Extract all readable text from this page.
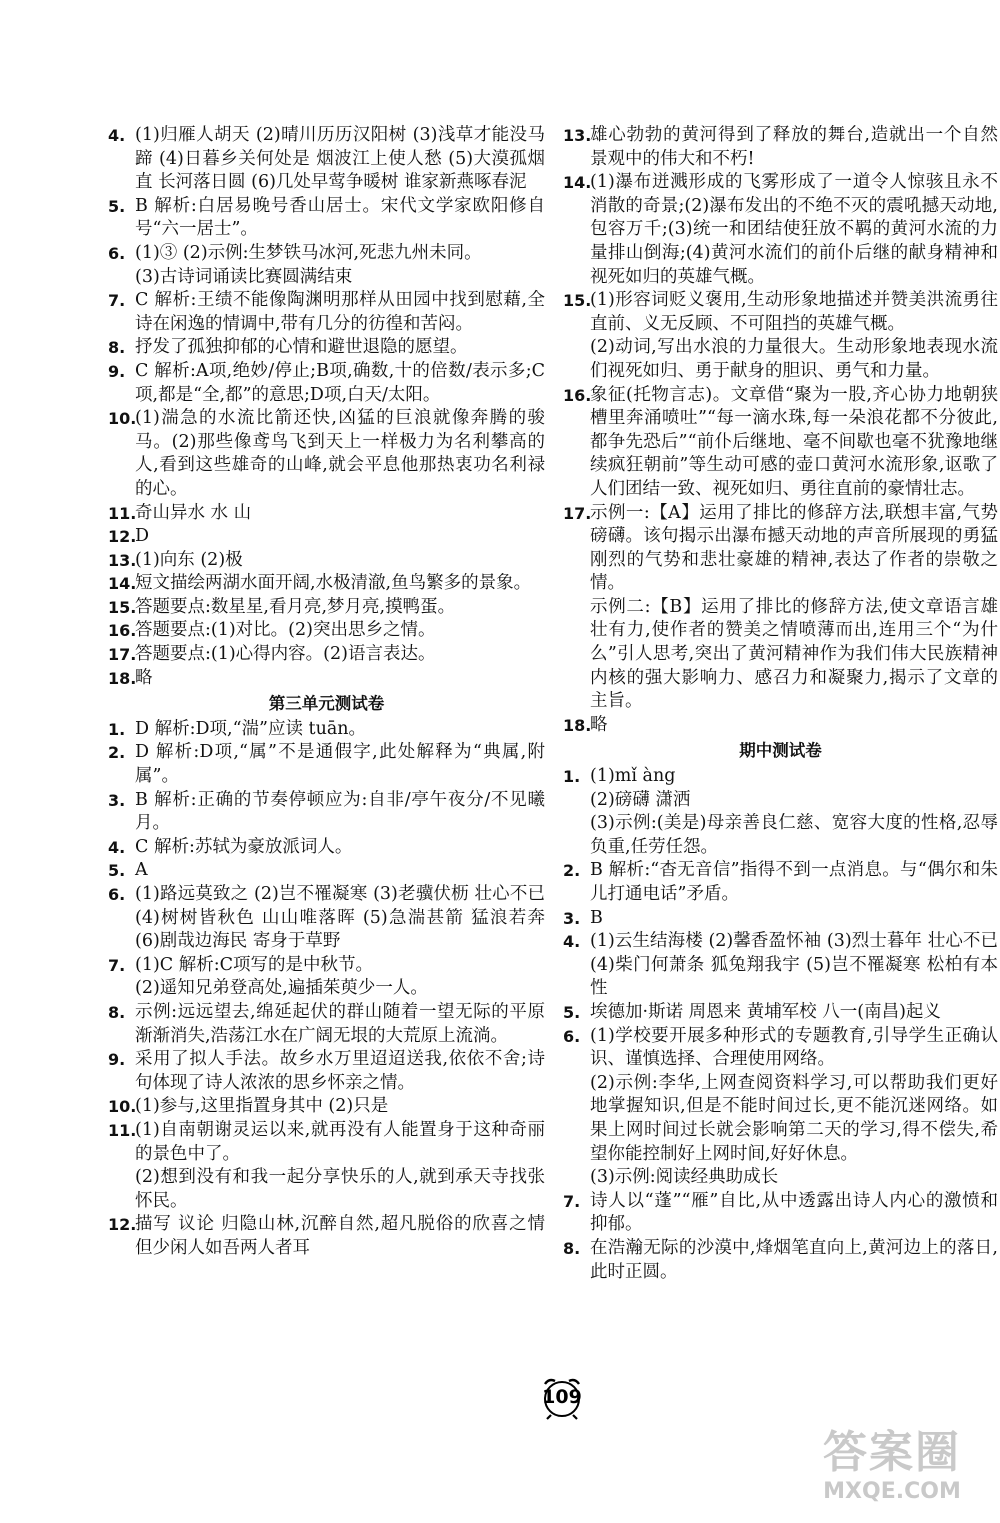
4. (1)归雁人胡天 (2)晴川历历汉阳树 (3)浅草才能没马蹄 (4)日暮乡关何处是 烟波江上使人愁 (5)大漠孤烟直 长河落日圆 (6)几处早莺争暖树 谁家新燕啄春泥

5. B 解析:白居易晚号香山居士。宋代文学家欧阳修自号“六一居士”。

6. (1)③ (2)示例:生梦铁马冰河,死悲九州未同。

(3)古诗词诵读比赛圆满结束

7. C 解析:王绩不能像陶渊明那样从田园中找到慰藉,全诗在闲逸的情调中,带有几分的彷徨和苦闷。

8. 抒发了孤独抑郁的心情和避世退隐的愿望。

9. C 解析:A项,绝妙/停止;B项,确数,十的倍数/表示多;C项,都是“全,都”的意思;D项,白天/太阳。

10.

(1)湍急的水流比箭还快,凶猛的巨浪就像奔腾的骏马。(2)那些像鸢鸟飞到天上一样极力为名利攀高的人,看到这些雄奇的山峰,就会平息他那热衷功名利禄的心。

11.

奇山异水 水 山

12.

D

13.

(1)向东 (2)极

14.

短文描绘两湖水面开阔,水极清澈,鱼鸟繁多的景象。

15.

答题要点:数星星,看月亮,梦月亮,摸鸭蛋。

16.

答题要点:(1)对比。(2)突出思乡之情。

17.

答题要点:(1)心得内容。(2)语言表达。

18.

略

第三单元测试卷
1. D 解析:D项,“湍”应读 tuān。

2. D 解析:D项,“属”不是通假字,此处解释为“典属,附属”。

3. B 解析:正确的节奏停顿应为:自非/亭午夜分/不见曦月。

4. C 解析:苏轼为豪放派词人。

5. A

6. (1)路远莫致之 (2)岂不罹凝寒 (3)老骥伏枥 壮心不已 (4)树树皆秋色 山山唯落晖 (5)急湍甚箭 猛浪若奔 (6)剧哉边海民 寄身于草野

7. (1)C 解析:C项写的是中秋节。

(2)遥知兄弟登高处,遍插茱萸少一人。

8. 示例:远远望去,绵延起伏的群山随着一望无际的平原渐渐消失,浩荡江水在广阔无垠的大荒原上流淌。

9. 采用了拟人手法。故乡水万里迢迢送我,依依不舍;诗句体现了诗人浓浓的思乡怀亲之情。

10.

(1)参与,这里指置身其中 (2)只是

11.

(1)自南朝谢灵运以来,就再没有人能置身于这种奇丽的景色中了。

(2)想到没有和我一起分享快乐的人,就到承天寺找张怀民。

12.

描写 议论 归隐山林,沉醉自然,超凡脱俗的欣喜之情 但少闲人如吾两人者耳

13.

雄心勃勃的黄河得到了释放的舞台,造就出一个自然景观中的伟大和不朽!

14.

(1)瀑布迸溅形成的飞雾形成了一道令人惊骇且永不消散的奇景;(2)瀑布发出的不绝不灭的震吼撼天动地,包容万千;(3)统一和团结使狂放不羁的黄河水流的力量排山倒海;(4)黄河水流们的前仆后继的献身精神和视死如归的英雄气概。

15.

(1)形容词贬义褒用,生动形象地描述并赞美洪流勇往直前、义无反顾、不可阻挡的英雄气概。

(2)动词,写出水浪的力量很大。生动形象地表现水流们视死如归、勇于献身的胆识、勇气和力量。

16.

象征(托物言志)。文章借“聚为一股,齐心协力地朝狭槽里奔涌喷吐”“每一滴水珠,每一朵浪花都不分彼此,都争先恐后”“前仆后继地、毫不间歇也毫不犹豫地继续疯狂朝前”等生动可感的壶口黄河水流形象,讴歌了人们团结一致、视死如归、勇往直前的豪情壮志。

17.

示例一:【A】运用了排比的修辞方法,联想丰富,气势磅礴。该句揭示出瀑布撼天动地的声音所展现的勇猛刚烈的气势和悲壮豪雄的精神,表达了作者的崇敬之情。

示例二:【B】运用了排比的修辞方法,使文章语言雄壮有力,使作者的赞美之情喷薄而出,连用三个“为什么”引人思考,突出了黄河精神作为我们伟大民族精神内核的强大影响力、感召力和凝聚力,揭示了文章的主旨。

18.

略

期中测试卷
1. (1)mǐ àng

(2)磅礴 潇洒

(3)示例:(美是)母亲善良仁慈、宽容大度的性格,忍辱负重,任劳任怨。

2. B 解析:“杳无音信”指得不到一点消息。与“偶尔和朱儿打通电话”矛盾。

3. B

4. (1)云生结海楼 (2)馨香盈怀袖 (3)烈士暮年 壮心不已 (4)柴门何萧条 狐兔翔我宇 (5)岂不罹凝寒 松柏有本性

5. 埃德加·斯诺 周恩来 黄埔军校 八一(南昌)起义

6. (1)学校要开展多种形式的专题教育,引导学生正确认识、谨慎选择、合理使用网络。

(2)示例:李华,上网查阅资料学习,可以帮助我们更好地掌握知识,但是不能时间过长,更不能沉迷网络。如果上网时间过长就会影响第二天的学习,得不偿失,希望你能控制好上网时间,好好休息。

(3)示例:阅读经典助成长

7. 诗人以“蓬”“雁”自比,从中透露出诗人内心的激愤和抑郁。

8. 在浩瀚无际的沙漠中,烽烟笔直向上,黄河边上的落日,此时正圆。

109
答案圈
MXQE.COM
